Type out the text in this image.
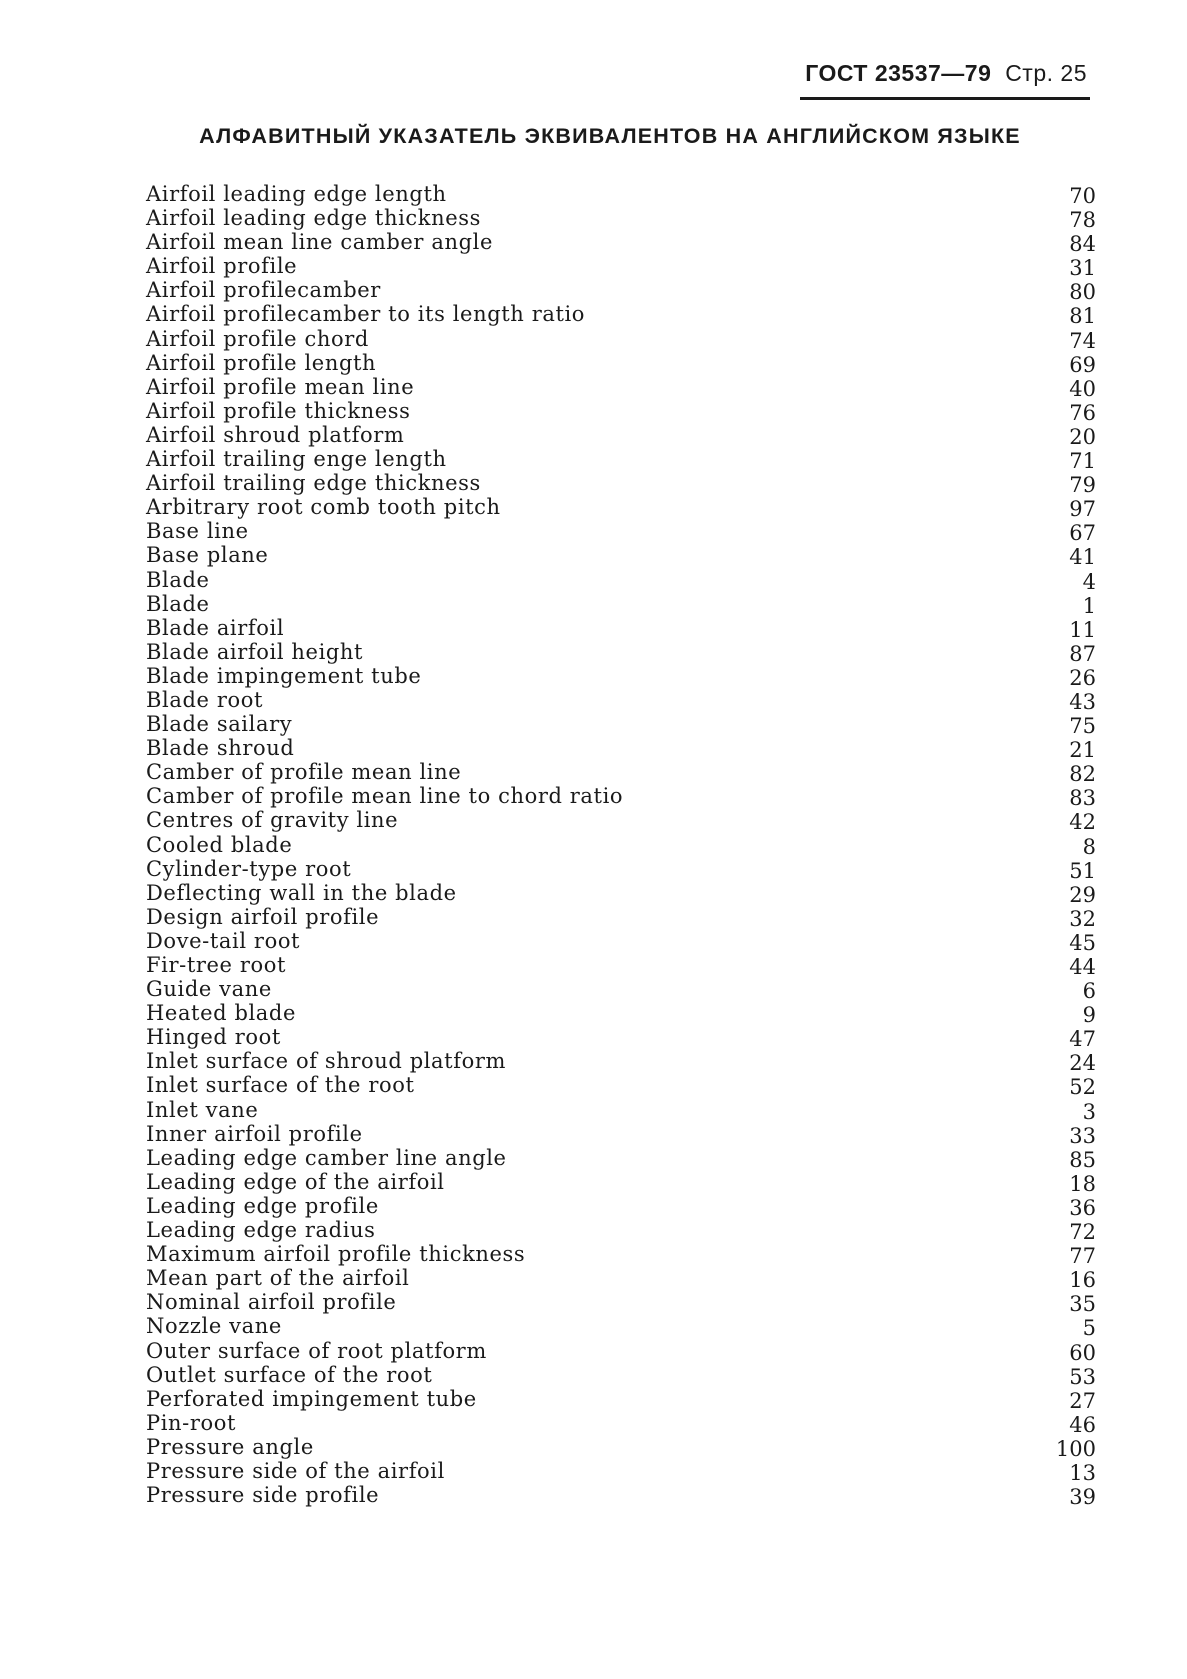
ГОСТ 23537—79 Стр. 25
АЛФАВИТНЫЙ УКАЗАТЕЛЬ ЭКВИВАЛЕНТОВ НА АНГЛИЙСКОМ ЯЗЫКЕ
Airfoil leading edge length	70
Airfoil leading edge thickness	78
Airfoil mean line camber angle	84
Airfoil profile	31
Airfoil profilecamber	80
Airfoil profilecamber to its length ratio	81
Airfoil profile chord	74
Airfoil profile length	69
Airfoil profile mean line	40
Airfoil profile thickness	76
Airfoil shroud platform	20
Airfoil trailing enge length	71
Airfoil trailing edge thickness	79
Arbitrary root comb tooth pitch	97
Base line	67
Base plane	41
Blade	4
Blade	1
Blade airfoil	11
Blade airfoil height	87
Blade impingement tube	26
Blade root	43
Blade sailary	75
Blade shroud	21
Camber of profile mean line	82
Camber of profile mean line to chord ratio	83
Centres of gravity line	42
Cooled blade	8
Cylinder-type root	51
Deflecting wall in the blade	29
Design airfoil profile	32
Dove-tail root	45
Fir-tree root	44
Guide vane	6
Heated blade	9
Hinged root	47
Inlet surface of shroud platform	24
Inlet surface of the root	52
Inlet vane	3
Inner airfoil profile	33
Leading edge camber line angle	85
Leading edge of the airfoil	18
Leading edge profile	36
Leading edge radius	72
Maximum airfoil profile thickness	77
Mean part of the airfoil	16
Nominal airfoil profile	35
Nozzle vane	5
Outer surface of root platform	60
Outlet surface of the root	53
Perforated impingement tube	27
Pin-root	46
Pressure angle	100
Pressure side of the airfoil	13
Pressure side profile	39
